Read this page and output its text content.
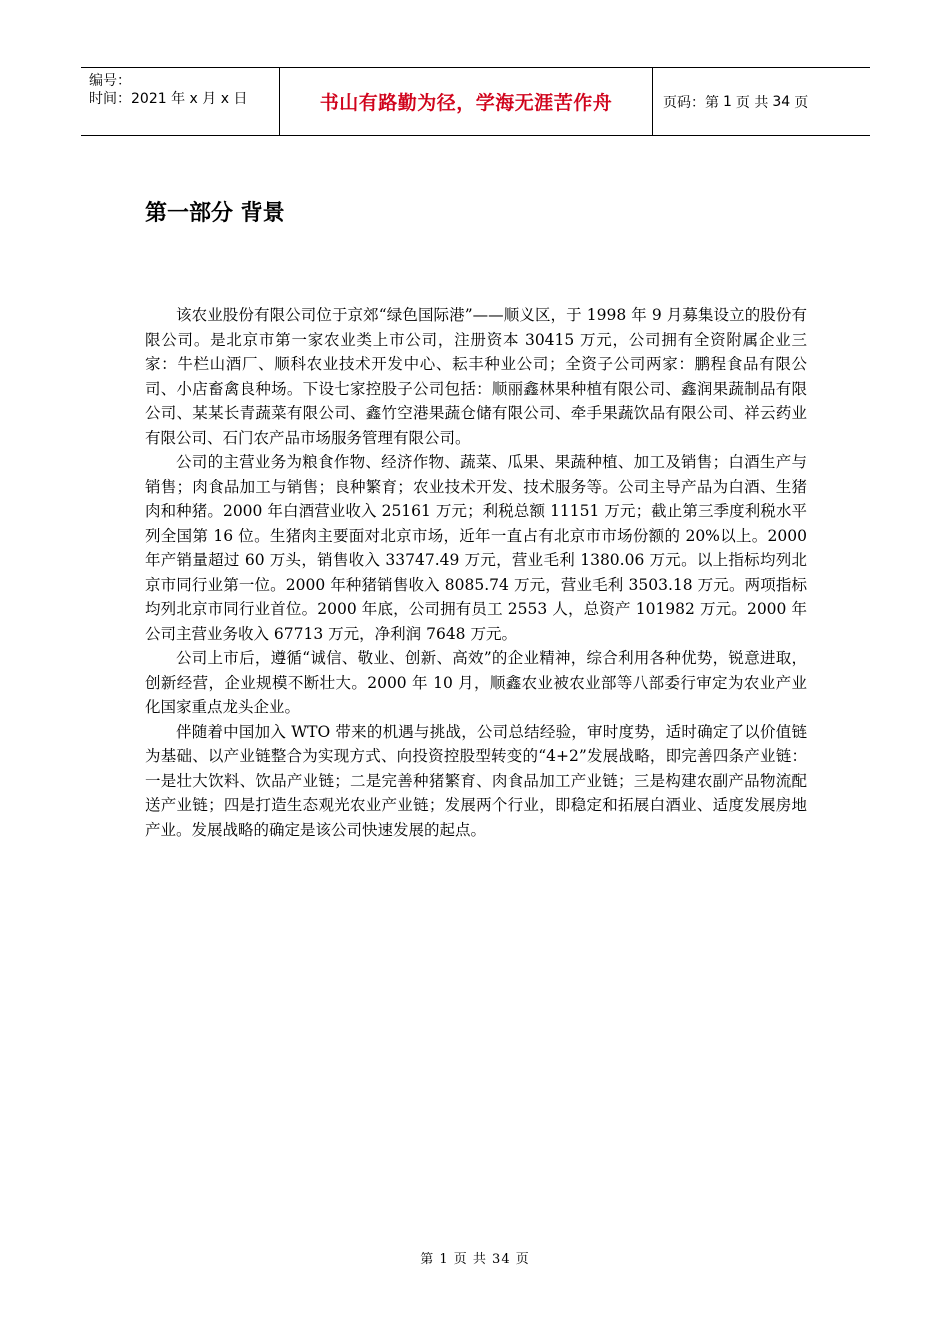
编号：
时间：2021 年 x 月 x 日	书山有路勤为径，学海无涯苦作舟	页码：第 1 页 共 34 页
第一部分 背景

该农业股份有限公司位于京郊“绿色国际港”——顺义区，于 1998 年 9 月募集设立的股份有限公司。是北京市第一家农业类上市公司，注册资本 30415 万元，公司拥有全资附属企业三家：牛栏山酒厂、顺科农业技术开发中心、耘丰种业公司；全资子公司两家：鹏程食品有限公司、小店畜禽良种场。下设七家控股子公司包括：顺丽鑫林果种植有限公司、鑫润果蔬制品有限公司、某某长青蔬菜有限公司、鑫竹空港果蔬仓储有限公司、牵手果蔬饮品有限公司、祥云药业有限公司、石门农产品市场服务管理有限公司。

公司的主营业务为粮食作物、经济作物、蔬菜、瓜果、果蔬种植、加工及销售；白酒生产与销售；肉食品加工与销售；良种繁育；农业技术开发、技术服务等。公司主导产品为白酒、生猪肉和种猪。2000 年白酒营业收入 25161 万元；利税总额 11151 万元；截止第三季度利税水平列全国第 16 位。生猪肉主要面对北京市场，近年一直占有北京市市场份额的 20%以上。2000 年产销量超过 60 万头，销售收入 33747.49 万元，营业毛利 1380.06 万元。以上指标均列北京市同行业第一位。2000 年种猪销售收入 8085.74 万元，营业毛利 3503.18 万元。两项指标均列北京市同行业首位。2000 年底，公司拥有员工 2553 人，总资产 101982 万元。2000 年公司主营业务收入 67713 万元，净利润 7648 万元。

公司上市后，遵循“诚信、敬业、创新、高效”的企业精神，综合利用各种优势，锐意进取，创新经营，企业规模不断壮大。2000 年 10 月，顺鑫农业被农业部等八部委行审定为农业产业化国家重点龙头企业。

伴随着中国加入 WTO 带来的机遇与挑战，公司总结经验，审时度势，适时确定了以价值链为基础、以产业链整合为实现方式、向投资控股型转变的“4+2”发展战略，即完善四条产业链：一是壮大饮料、饮品产业链；二是完善种猪繁育、肉食品加工产业链；三是构建农副产品物流配送产业链；四是打造生态观光农业产业链；发展两个行业，即稳定和拓展白酒业、适度发展房地产业。发展战略的确定是该公司快速发展的起点。

第 1 页 共 34 页
